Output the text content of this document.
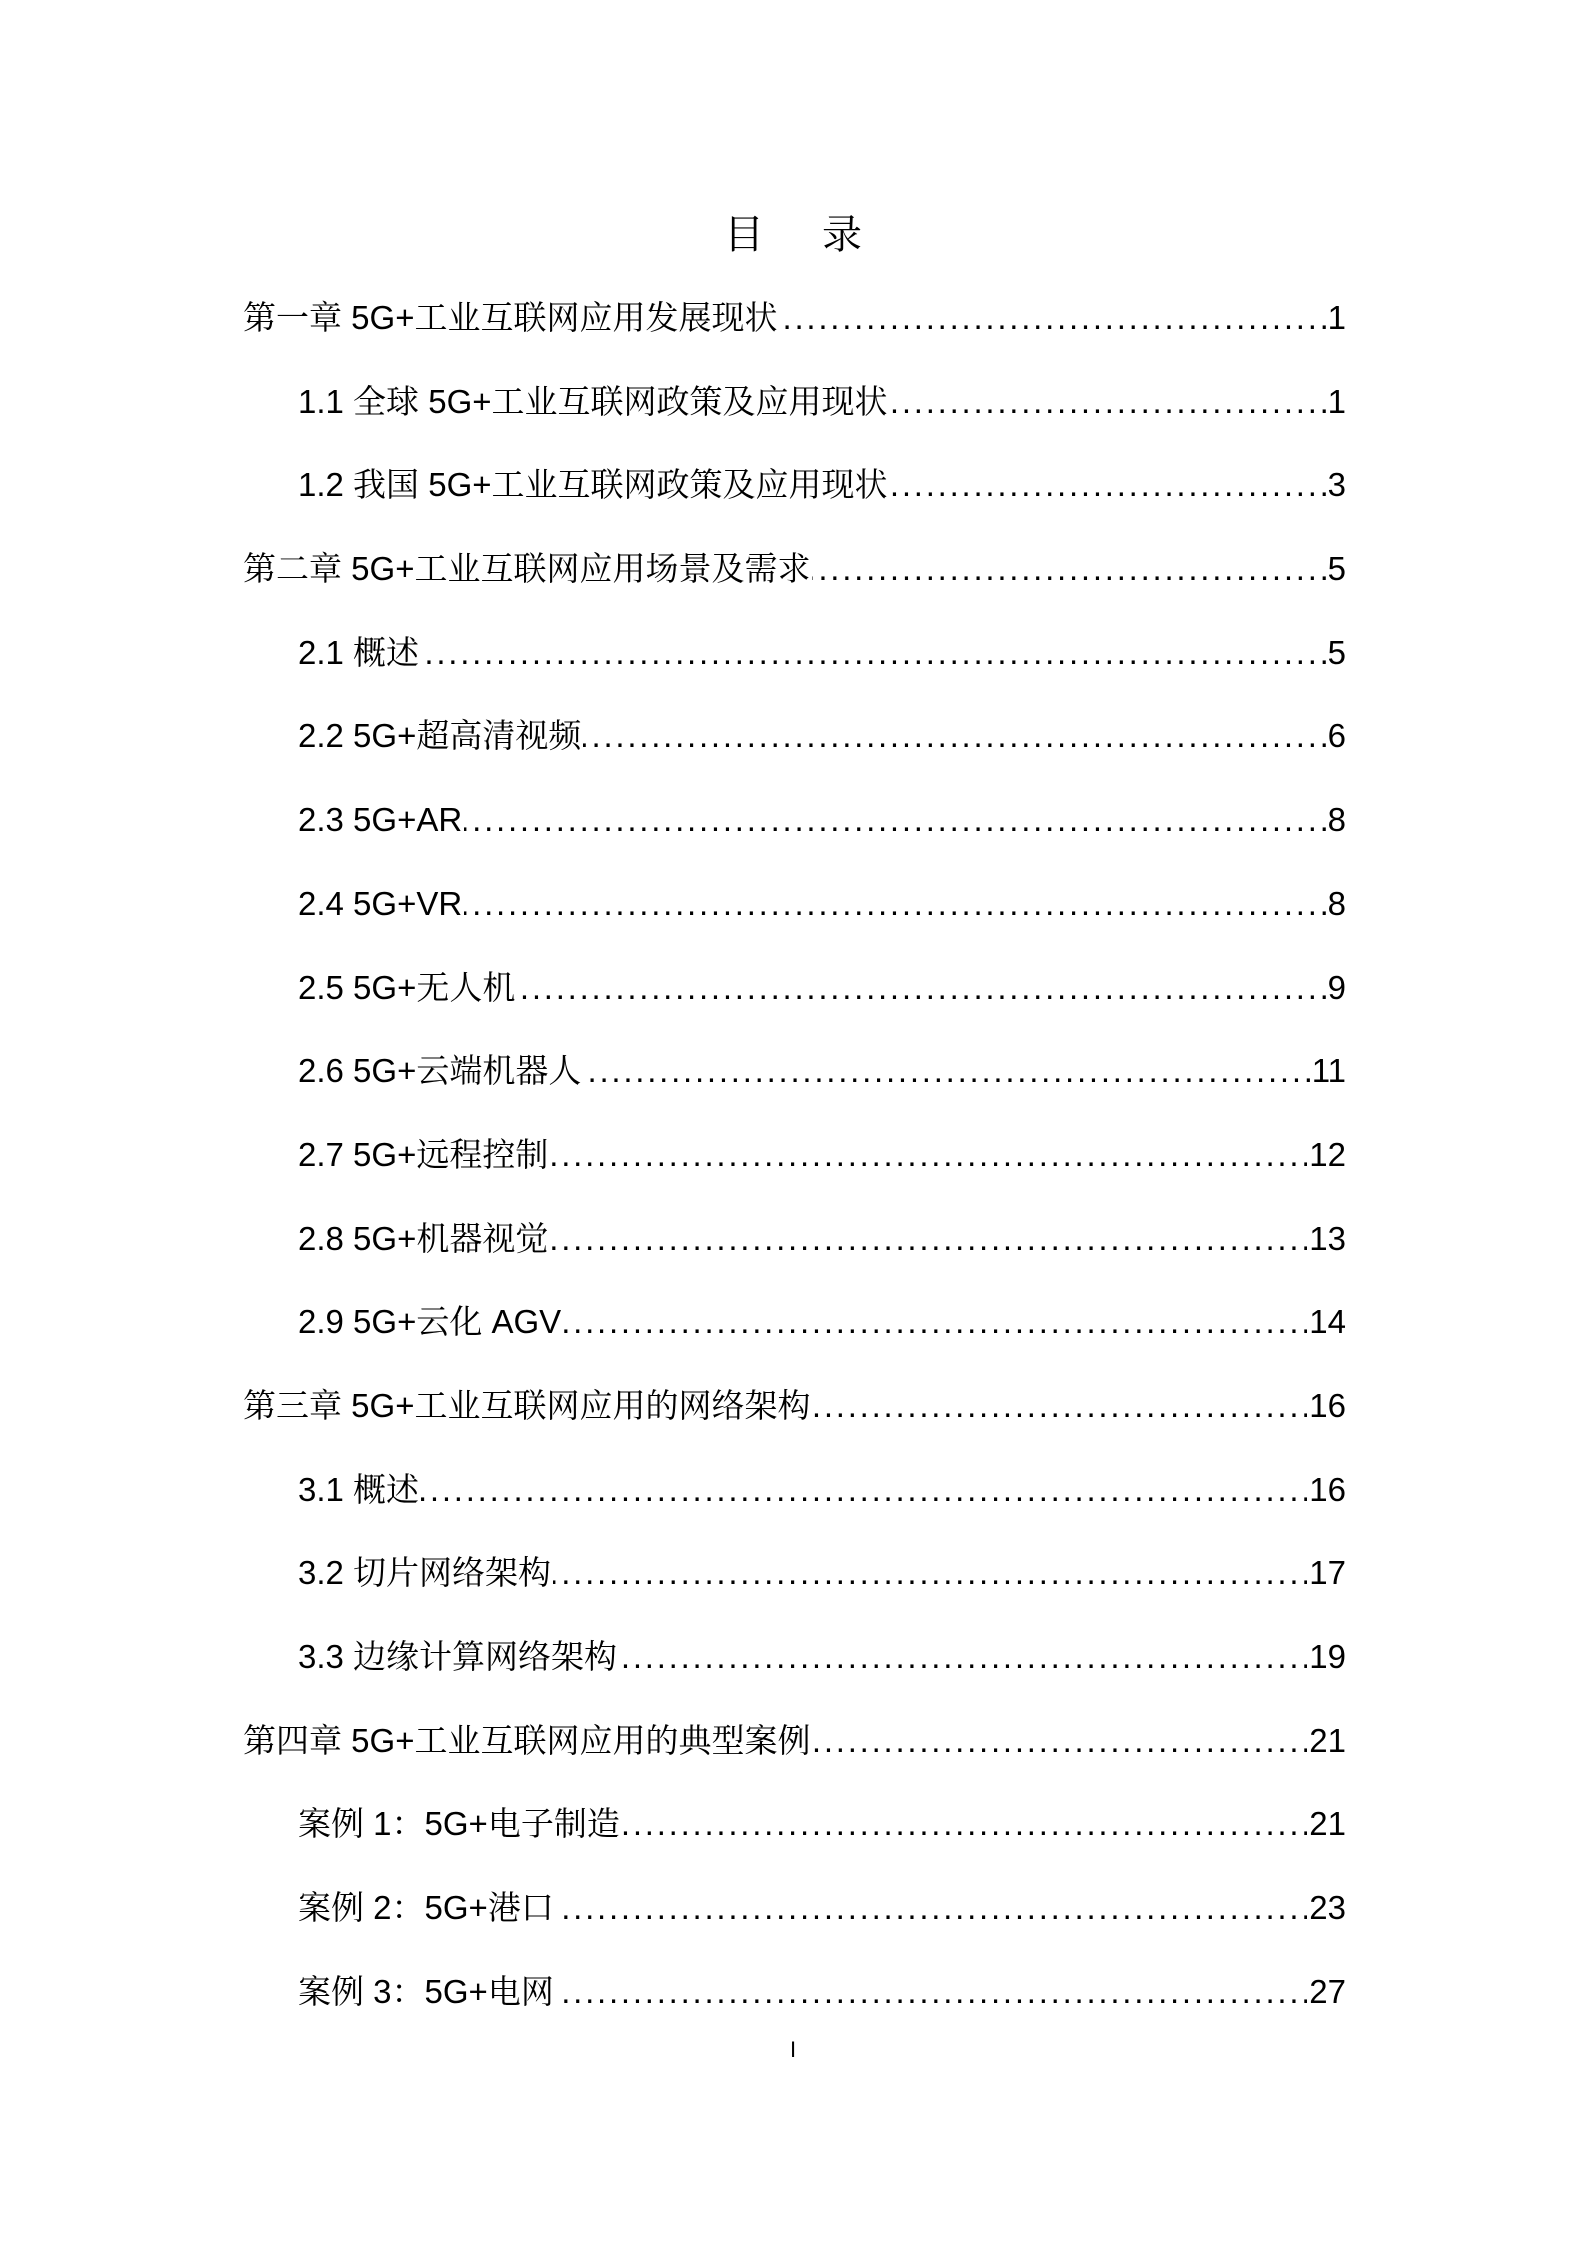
目 录
第一章 5G+工业互联网应用发展现状 . . .	1
1.1 全球 5G+工业互联网政策及应用现状 . . .	1
1.2 我国 5G+工业互联网政策及应用现状 . . .	3
第二章 5G+工业互联网应用场景及需求 . . .	5
2.1 概述 . . .	5
2.2 5G+超高清视频 . . .	6
2.3 5G+AR . . .	8
2.4 5G+VR . . .	8
2.5 5G+无人机 . . .	9
2.6 5G+云端机器人 . . .	11
2.7 5G+远程控制 . . .	12
2.8 5G+机器视觉 . . .	13
2.9 5G+云化 AGV . . .	14
第三章 5G+工业互联网应用的网络架构 . . .	16
3.1 概述 . . .	16
3.2 切片网络架构 . . .	17
3.3 边缘计算网络架构 . . .	19
第四章 5G+工业互联网应用的典型案例 . . .	21
案例 1：5G+电子制造 . . .	21
案例 2：5G+港口 . . .	23
案例 3：5G+电网 . . .	27
I
